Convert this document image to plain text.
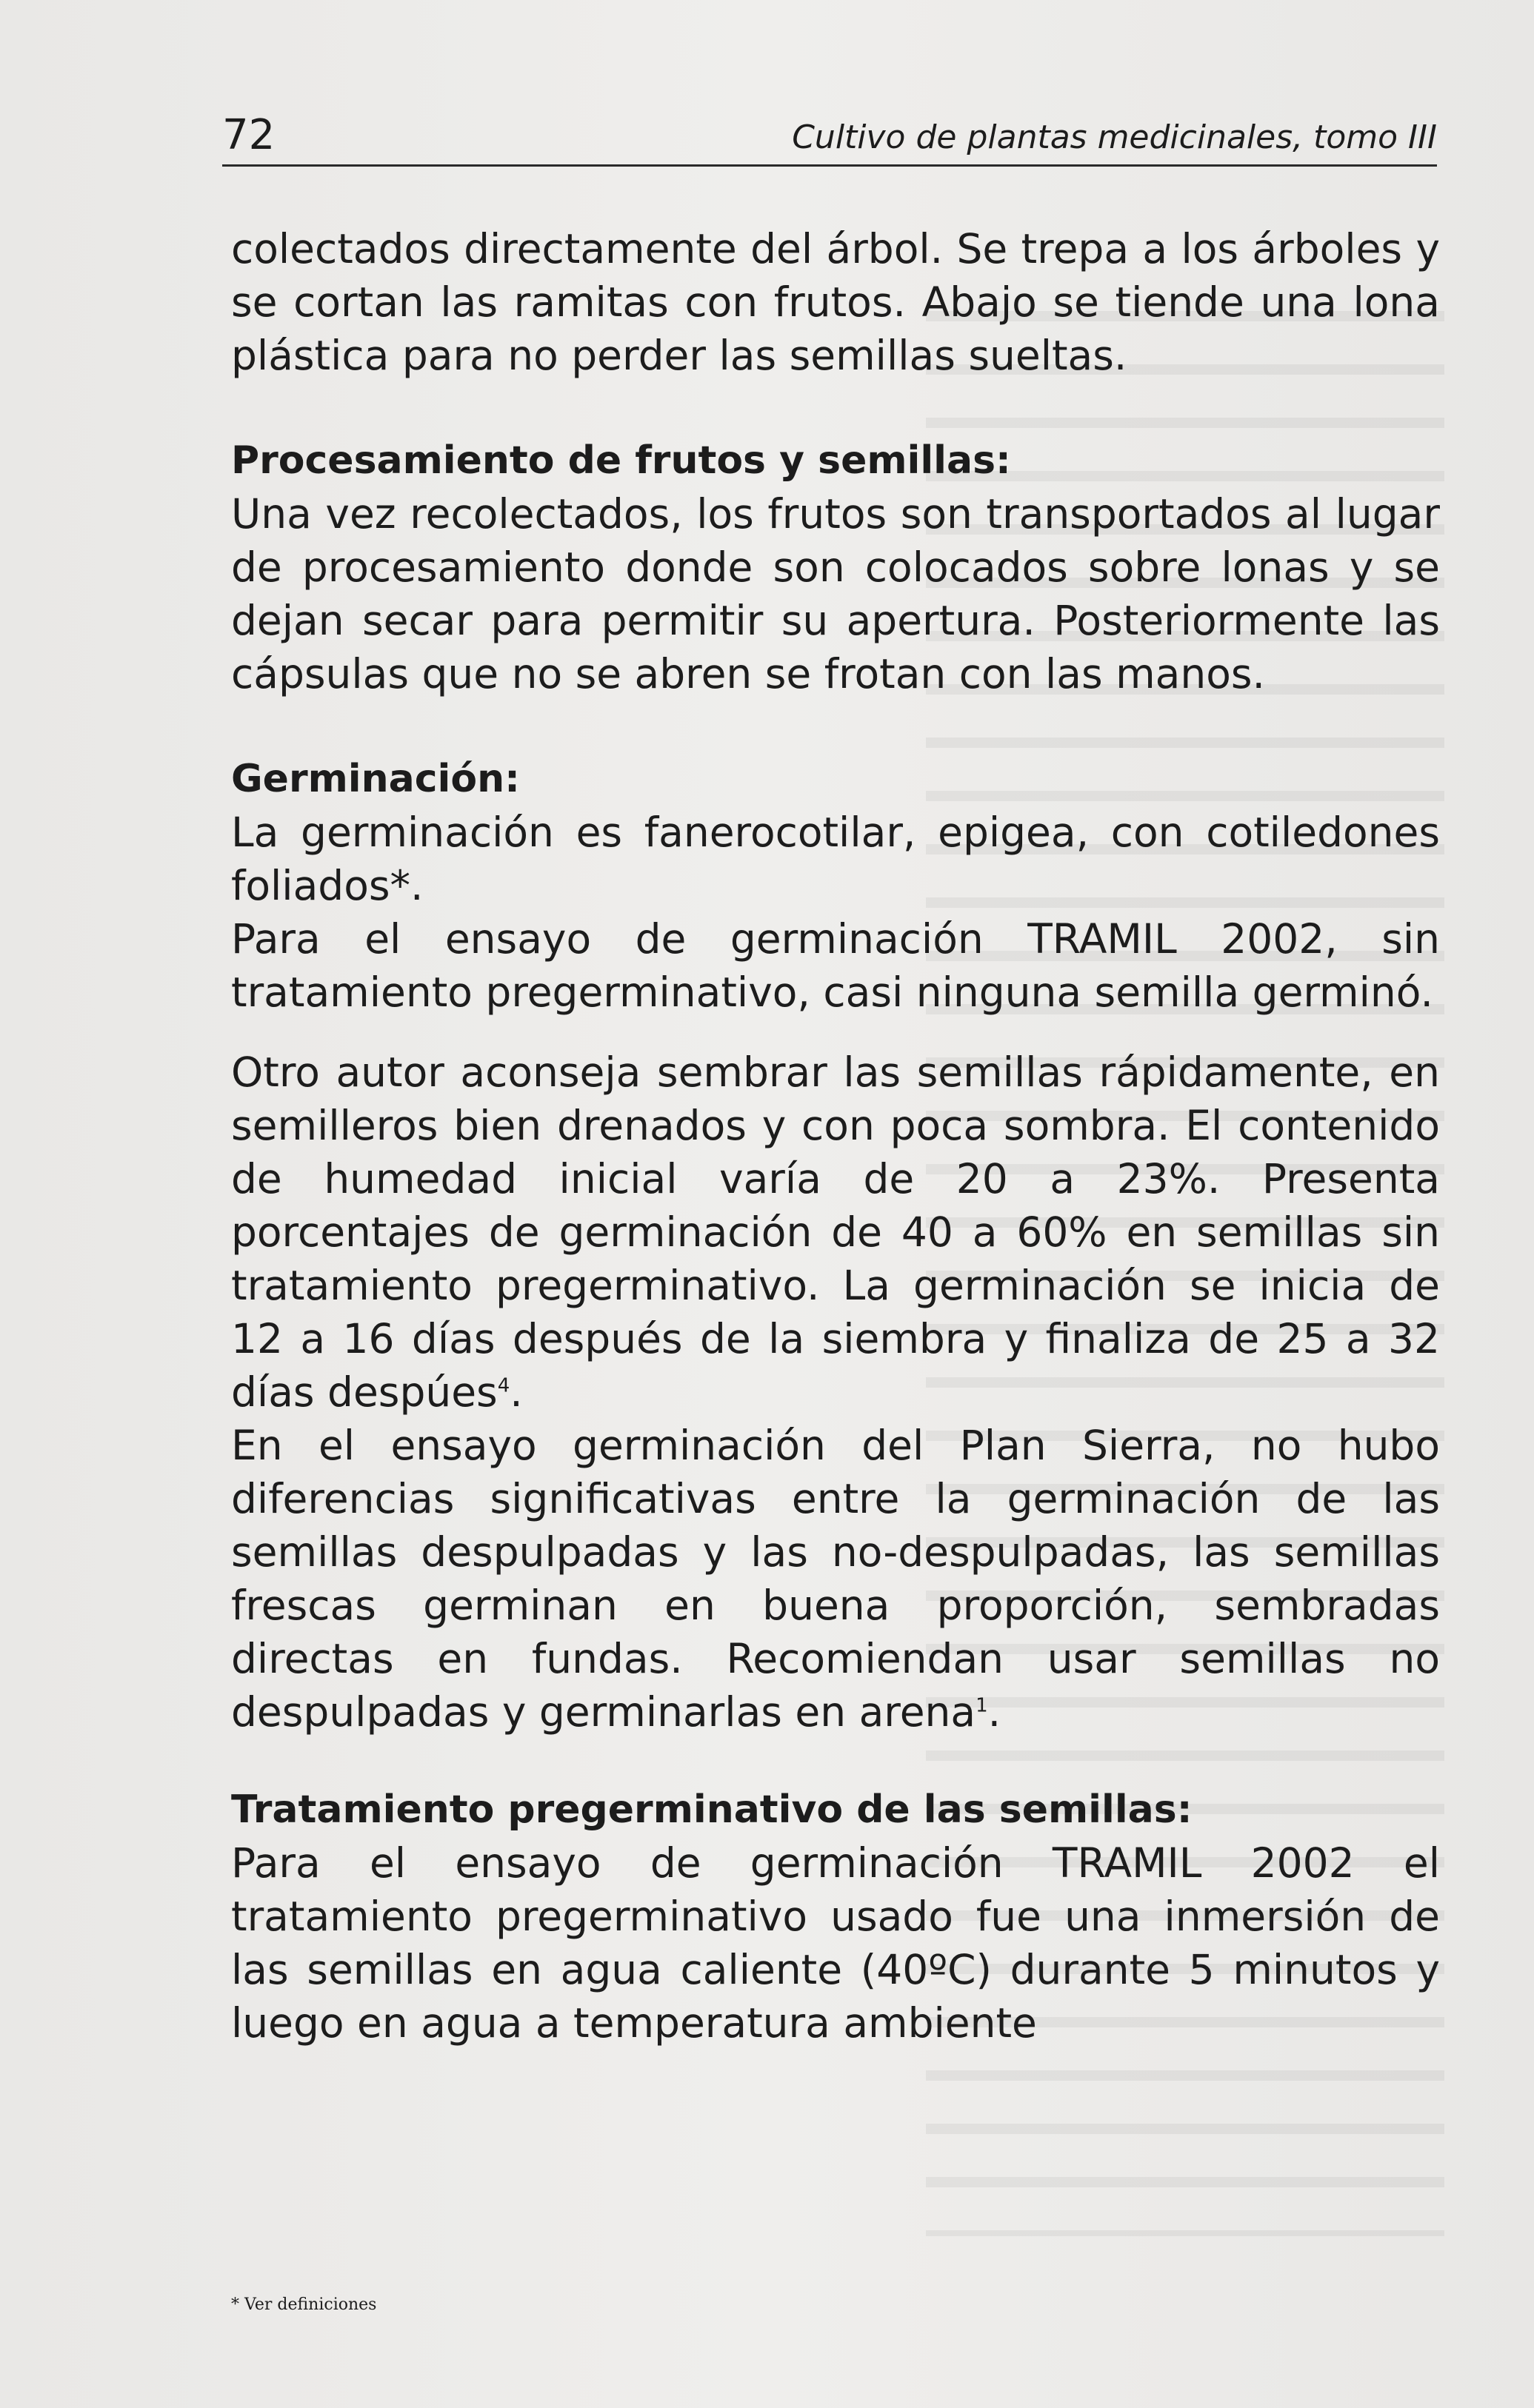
72	Cultivo de plantas medicinales, tomo III

colectados directamente del árbol. Se trepa a los árboles y se cortan las ramitas con frutos. Abajo se tiende una lona plástica para no perder las semillas sueltas.

Procesamiento de frutos y semillas:

Una vez recolectados, los frutos son transportados al lugar de procesamiento donde son colocados sobre lonas y se dejan secar para permitir su apertura. Posteriormente las cápsulas que no se abren se frotan con las manos.

Germinación:

La germinación es fanerocotilar, epigea, con cotiledones foliados*.

Para el ensayo de germinación TRAMIL 2002, sin tratamiento pregerminativo, casi ninguna semilla germinó.

Otro autor aconseja sembrar las semillas rápidamente, en semilleros bien drenados y con poca sombra. El contenido de humedad inicial varía de 20 a 23%. Presenta porcentajes de germinación de 40 a 60% en semillas sin tratamiento pregerminativo. La germinación se inicia de 12 a 16 días después de la siembra y finaliza de 25 a 32 días despúes$^4$.

En el ensayo germinación del Plan Sierra, no hubo diferencias significativas entre la germinación de las semillas despulpadas y las no-despulpadas, las semillas frescas germinan en buena proporción, sembradas directas en fundas. Recomiendan usar semillas no despulpadas y germinarlas en arena$^1$.

Tratamiento pregerminativo de las semillas:

Para el ensayo de germinación TRAMIL 2002 el tratamiento pregerminativo usado fue una inmersión de las semillas en agua caliente (40ºC) durante 5 minutos y luego en agua a temperatura ambiente

* Ver definiciones
